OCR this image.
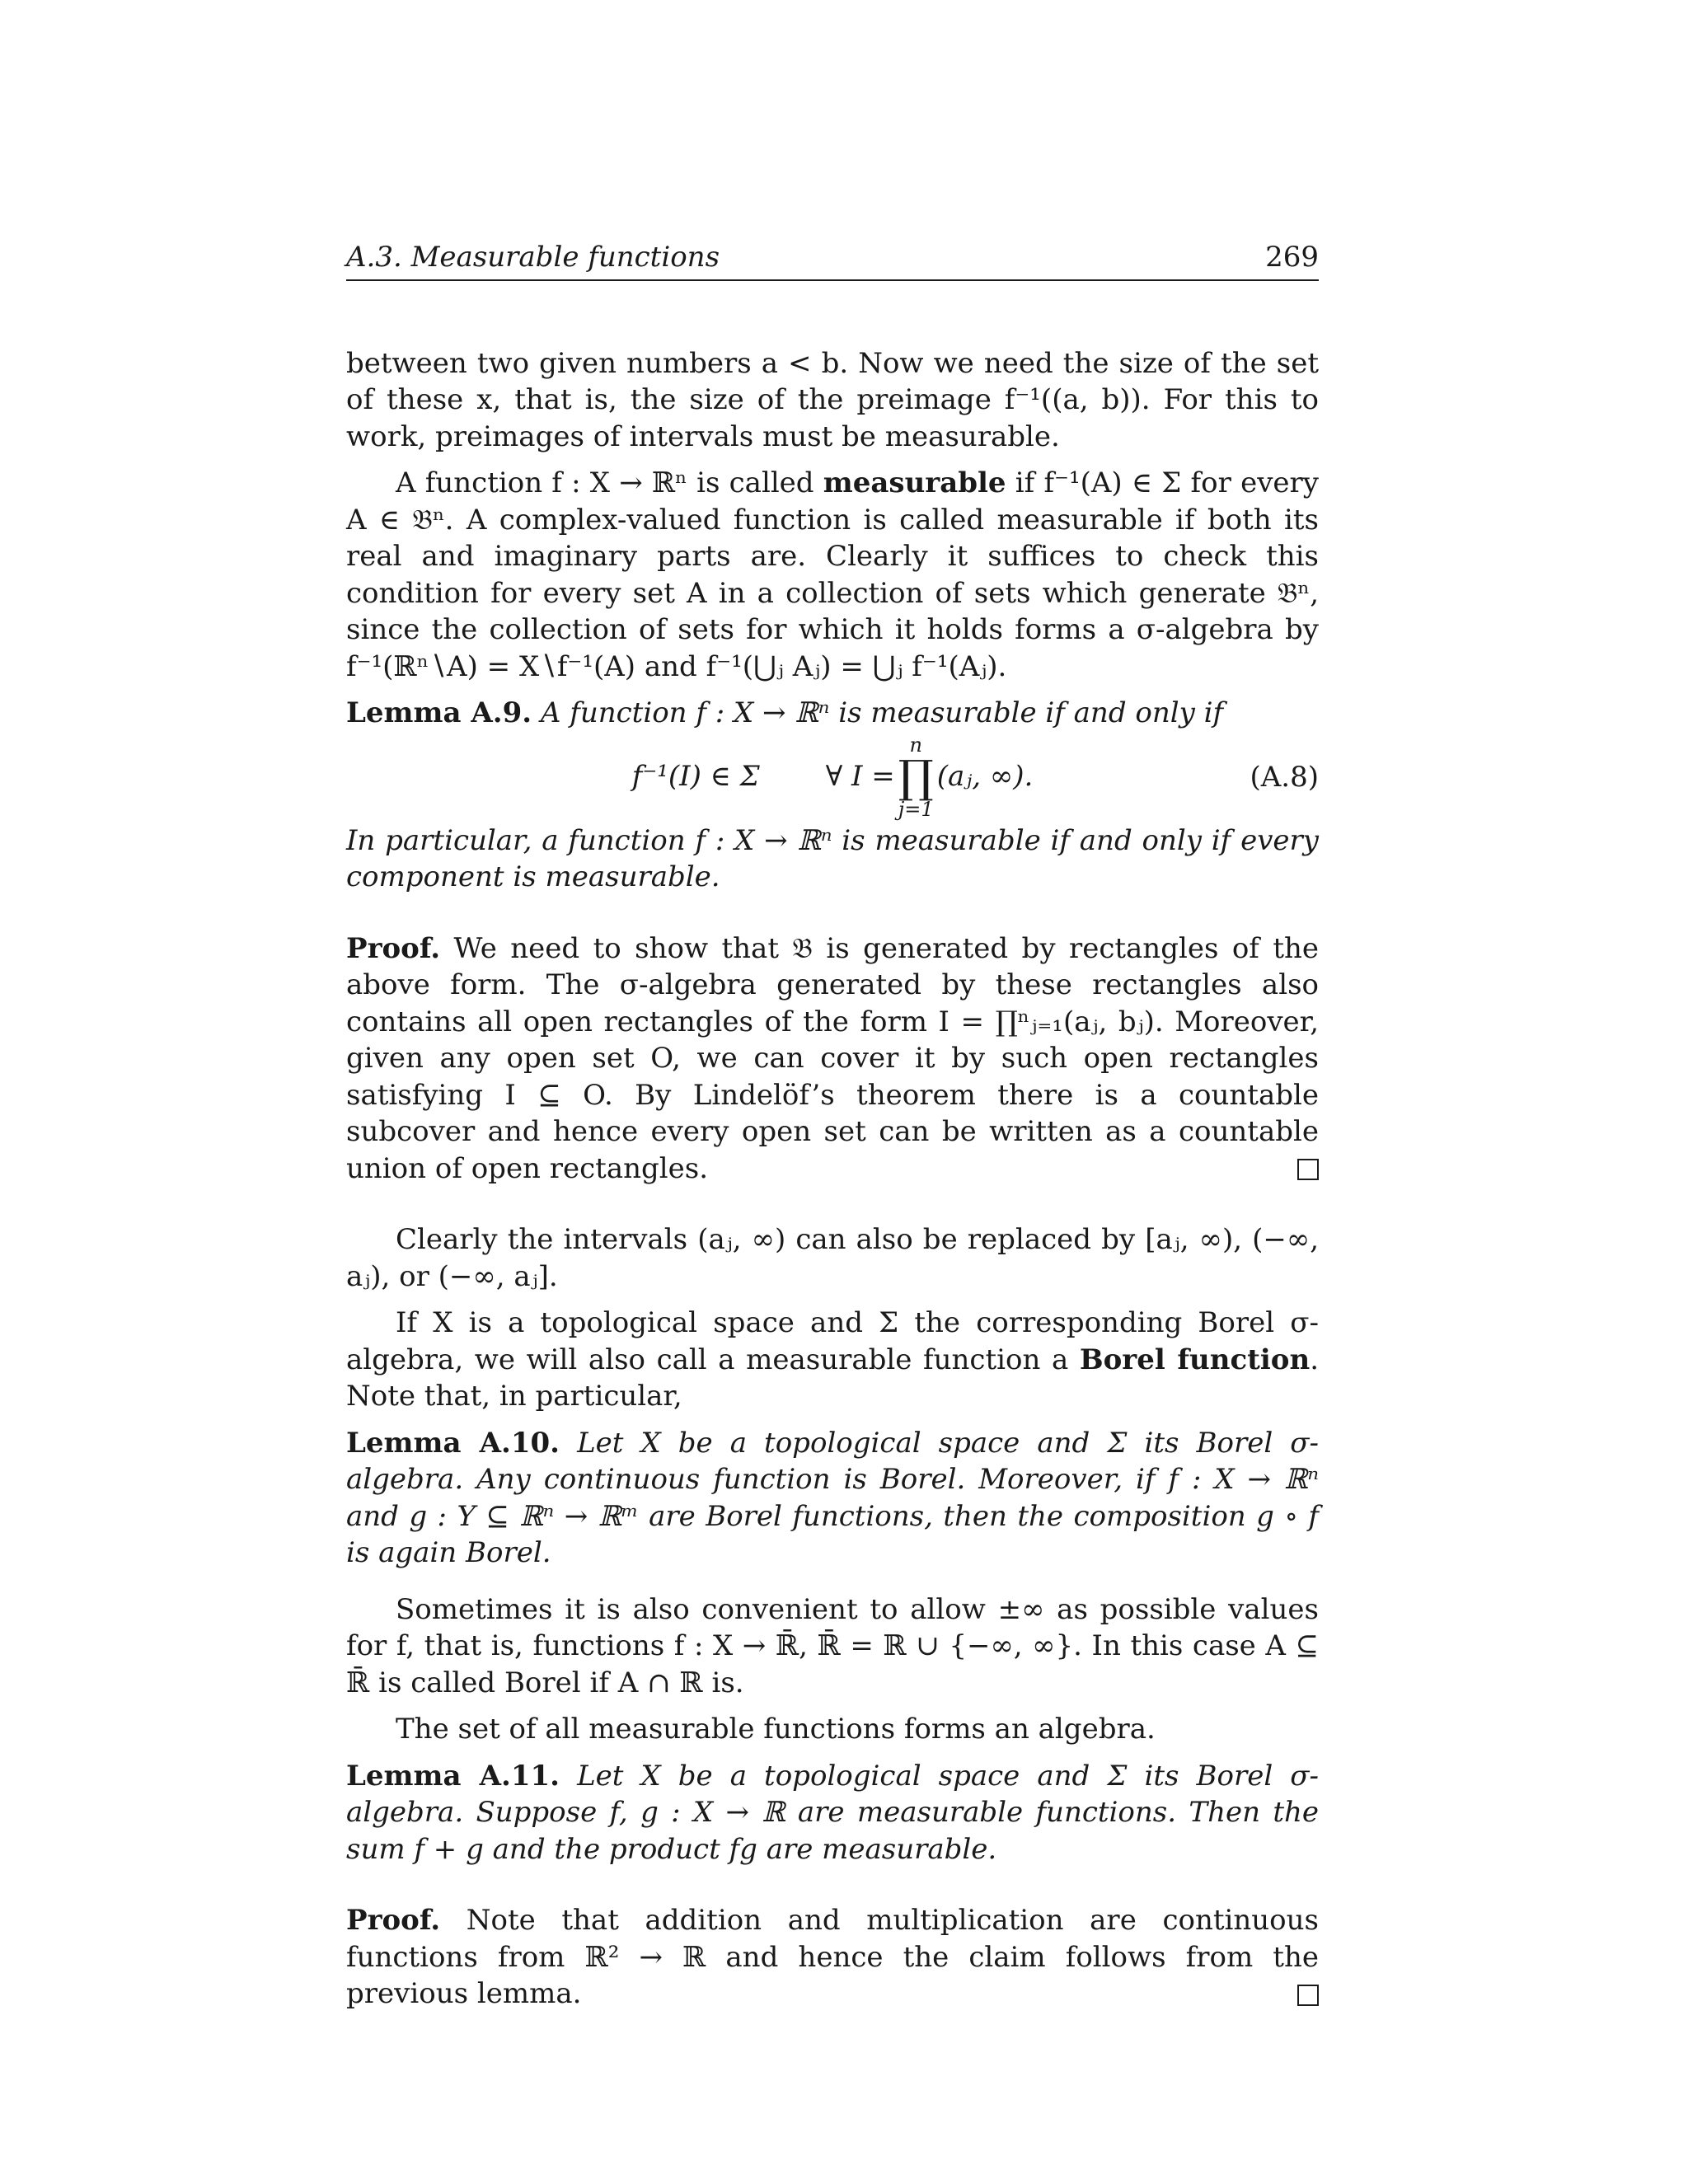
A.3. Measurable functions	269

between two given numbers a < b. Now we need the size of the set of these x, that is, the size of the preimage f⁻¹((a, b)). For this to work, preimages of intervals must be measurable.

A function f : X → ℝⁿ is called measurable if f⁻¹(A) ∈ Σ for every A ∈ 𝔅ⁿ. A complex-valued function is called measurable if both its real and imaginary parts are. Clearly it suffices to check this condition for every set A in a collection of sets which generate 𝔅ⁿ, since the collection of sets for which it holds forms a σ-algebra by f⁻¹(ℝⁿ∖A) = X∖f⁻¹(A) and f⁻¹(⋃ⱼ Aⱼ) = ⋃ⱼ f⁻¹(Aⱼ).

Lemma A.9. A function f : X → ℝⁿ is measurable if and only if

f⁻¹(I) ∈ Σ ∀ I =
n
∏
j=1
(aⱼ, ∞).	(A.8)

In particular, a function f : X → ℝⁿ is measurable if and only if every component is measurable.

Proof. We need to show that 𝔅 is generated by rectangles of the above form. The σ-algebra generated by these rectangles also contains all open rectangles of the form I = ∏ⁿⱼ₌₁(aⱼ, bⱼ). Moreover, given any open set O, we can cover it by such open rectangles satisfying I ⊆ O. By Lindelöf’s theorem there is a countable subcover and hence every open set can be written as a countable union of open rectangles.

Clearly the intervals (aⱼ, ∞) can also be replaced by [aⱼ, ∞), (−∞, aⱼ), or (−∞, aⱼ].

If X is a topological space and Σ the corresponding Borel σ-algebra, we will also call a measurable function a Borel function. Note that, in particular,

Lemma A.10. Let X be a topological space and Σ its Borel σ-algebra. Any continuous function is Borel. Moreover, if f : X → ℝⁿ and g : Y ⊆ ℝⁿ → ℝᵐ are Borel functions, then the composition g ∘ f is again Borel.

Sometimes it is also convenient to allow ±∞ as possible values for f, that is, functions f : X → ℝ̄, ℝ̄ = ℝ ∪ {−∞, ∞}. In this case A ⊆ ℝ̄ is called Borel if A ∩ ℝ is.

The set of all measurable functions forms an algebra.

Lemma A.11. Let X be a topological space and Σ its Borel σ-algebra. Suppose f, g : X → ℝ are measurable functions. Then the sum f + g and the product fg are measurable.

Proof. Note that addition and multiplication are continuous functions from ℝ² → ℝ and hence the claim follows from the previous lemma.
